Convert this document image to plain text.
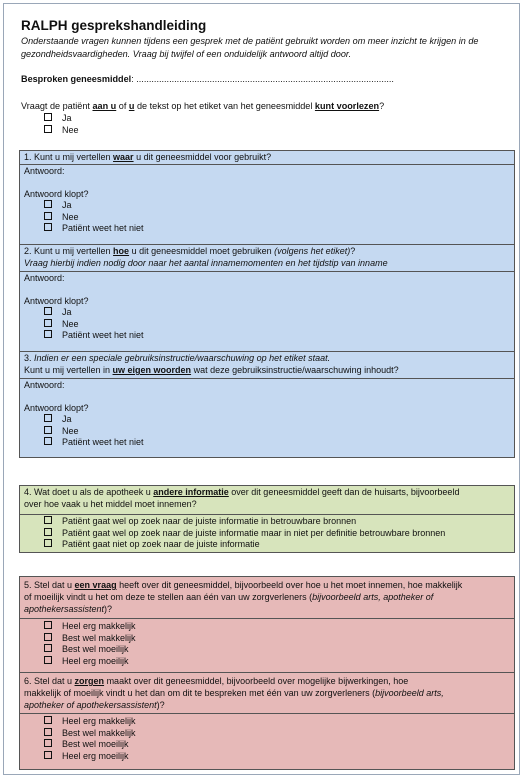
RALPH gesprekshandleiding
Onderstaande vragen kunnen tijdens een gesprek met de patiënt gebruikt worden om meer inzicht te krijgen in de gezondheidsvaardigheden. Vraag bij twijfel of een onduidelijk antwoord altijd door.
Besproken geneesmiddel: ......................................................................................................
Vraagt de patiënt aan u of u de tekst op het etiket van het geneesmiddel kunt voorlezen?
Ja
Nee
1. Kunt u mij vertellen waar u dit geneesmiddel voor gebruikt?
Antwoord:
Antwoord klopt?
Ja
Nee
Patiënt weet het niet
2. Kunt u mij vertellen hoe u dit geneesmiddel moet gebruiken (volgens het etiket)?
Vraag hierbij indien nodig door naar het aantal innamemomenten en het tijdstip van inname
Antwoord:
Antwoord klopt?
Ja
Nee
Patiënt weet het niet
3. Indien er een speciale gebruiksinstructie/waarschuwing op het etiket staat.
Kunt u mij vertellen in uw eigen woorden wat deze gebruiksinstructie/waarschuwing inhoudt?
Antwoord:
Antwoord klopt?
Ja
Nee
Patiënt weet het niet
4. Wat doet u als de apotheek u andere informatie over dit geneesmiddel geeft dan de huisarts, bijvoorbeeld
over hoe vaak u het middel moet innemen?
Patiënt gaat wel op zoek naar de juiste informatie in betrouwbare bronnen
Patiënt gaat wel op zoek naar de juiste informatie maar in niet per definitie betrouwbare bronnen
Patiënt gaat niet op zoek naar de juiste informatie
5. Stel dat u een vraag heeft over dit geneesmiddel, bijvoorbeeld over hoe u het moet innemen, hoe makkelijk
of moeilijk vindt u het om deze te stellen aan één van uw zorgverleners (bijvoorbeeld arts, apotheker of
apothekersassistent)?
Heel erg makkelijk
Best wel makkelijk
Best wel moeilijk
Heel erg moeilijk
6. Stel dat u zorgen maakt over dit geneesmiddel, bijvoorbeeld over mogelijke bijwerkingen, hoe
makkelijk of moeilijk vindt u het dan om dit te bespreken met één van uw zorgverleners (bijvoorbeeld arts,
apotheker of apothekersassistent)?
Heel erg makkelijk
Best wel makkelijk
Best wel moeilijk
Heel erg moeilijk
